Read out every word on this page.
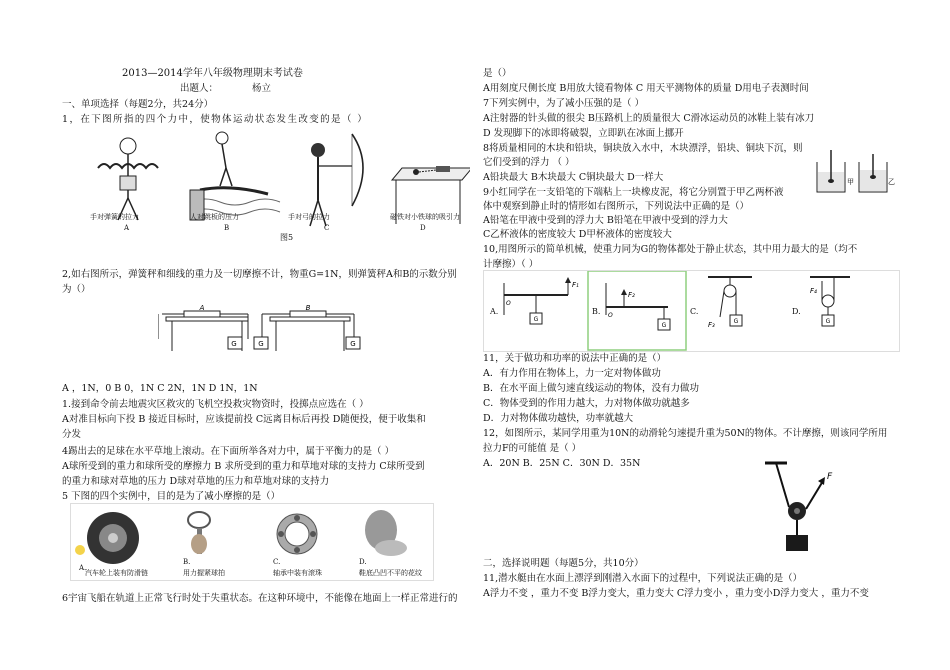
2013—2014学年八年级物理期末考试卷
出题人：	杨立
一、单项选择（每题2分，共24分）
1，在下图所指的四个力中，使物体运动状态发生改变的是（ ）
手对弹簧的拉力	人对跳板的压力	手对弓的拉力	磁铁对小铁球的吸引力
A	B	C	D
图5
2,如右图所示，弹簧秤和细线的重力及一切摩擦不计，物重G=1N，则弹簧秤A和B的示数分别
为（）
G	G	G
A	B
A ，1N，0 B 0，1N C 2N，1N D 1N，1N
1.接到命令前去地震灾区救灾的飞机空投救灾物资时，投掷点应选在（ ）
A对准目标向下投 B 接近目标时，应该提前投 C远离目标后再投 D随便投，便于收集和
分发
4踢出去的足球在水平草地上滚动。在下面所举各对力中，属于平衡力的是（ ）
A球所受到的重力和球所受的摩擦力 B 求所受到的重力和草地对球的支持力 C球所受到
的重力和球对草地的压力 D球对草地的压力和草地对球的支持力
5 下图的四个实例中，目的是为了减小摩擦的是（）
A.
B.	C.	D.
汽车轮上装有防滑链	用力握紧球拍	轴承中装有滚珠	鞋底凸凹不平的花纹
6宇宙飞船在轨道上正常飞行时处于失重状态。在这种环境中，不能像在地面上一样正常进行的
是（）
A用刻度尺侧长度 B用放大镜看物体 C 用天平测物体的质量 D用电子表测时间
7下列实例中，为了减小压强的是（ ）
A注射器的针头做的很尖 B压路机上的质量很大 C滑冰运动员的冰鞋上装有冰刀
D 发现脚下的冰即将破裂，立即趴在冰面上挪开
8将质量相同的木块和铅块，铜块放入水中，木块漂浮，铅块、铜块下沉，则
它们受到的浮力 （ ）
A铅块最大 B木块最大 C铜块最大 D一样大	甲	乙
9小红同学在一支铅笔的下端粘上一块橡皮泥，将它分别置于甲乙两杯液
体中观察到静止时的情形如右图所示，下列说法中正确的是（）
A铅笔在甲液中受到的浮力大 B铅笔在甲液中受到的浮力大
C乙杯液体的密度较大 D甲杯液体的密度较大
10,用图所示的简单机械，使重力同为G的物体都处于静止状态，其中用力最大的是（均不
计摩擦）（ ）
G
O
F₁
G
O
F₂
G
F₃	G
F₄
A.	B.	C.	D.
11，关于做功和功率的说法中正确的是（）
A．有力作用在物体上，力一定对物体做功
B．在水平面上做匀速直线运动的物体，没有力做功
C．物体受到的作用力越大，力对物体做功就越多
D．力对物体做功越快，功率就越大
12，如图所示，某同学用重为10N的动滑轮匀速提升重为50N的物体。不计摩擦，则该同学所用
拉力F的可能值 是（ ）
A．20N B．25N C．30N D．35N
F
二，选择说明题（每题5分，共10分）
11,潜水艇由在水面上漂浮到刚潜入水面下的过程中，下列说法正确的是（）
A浮力不变 ，重力不变 B浮力变大，重力变大 C浮力变小 ，重力变小D浮力变大 ，重力不变
